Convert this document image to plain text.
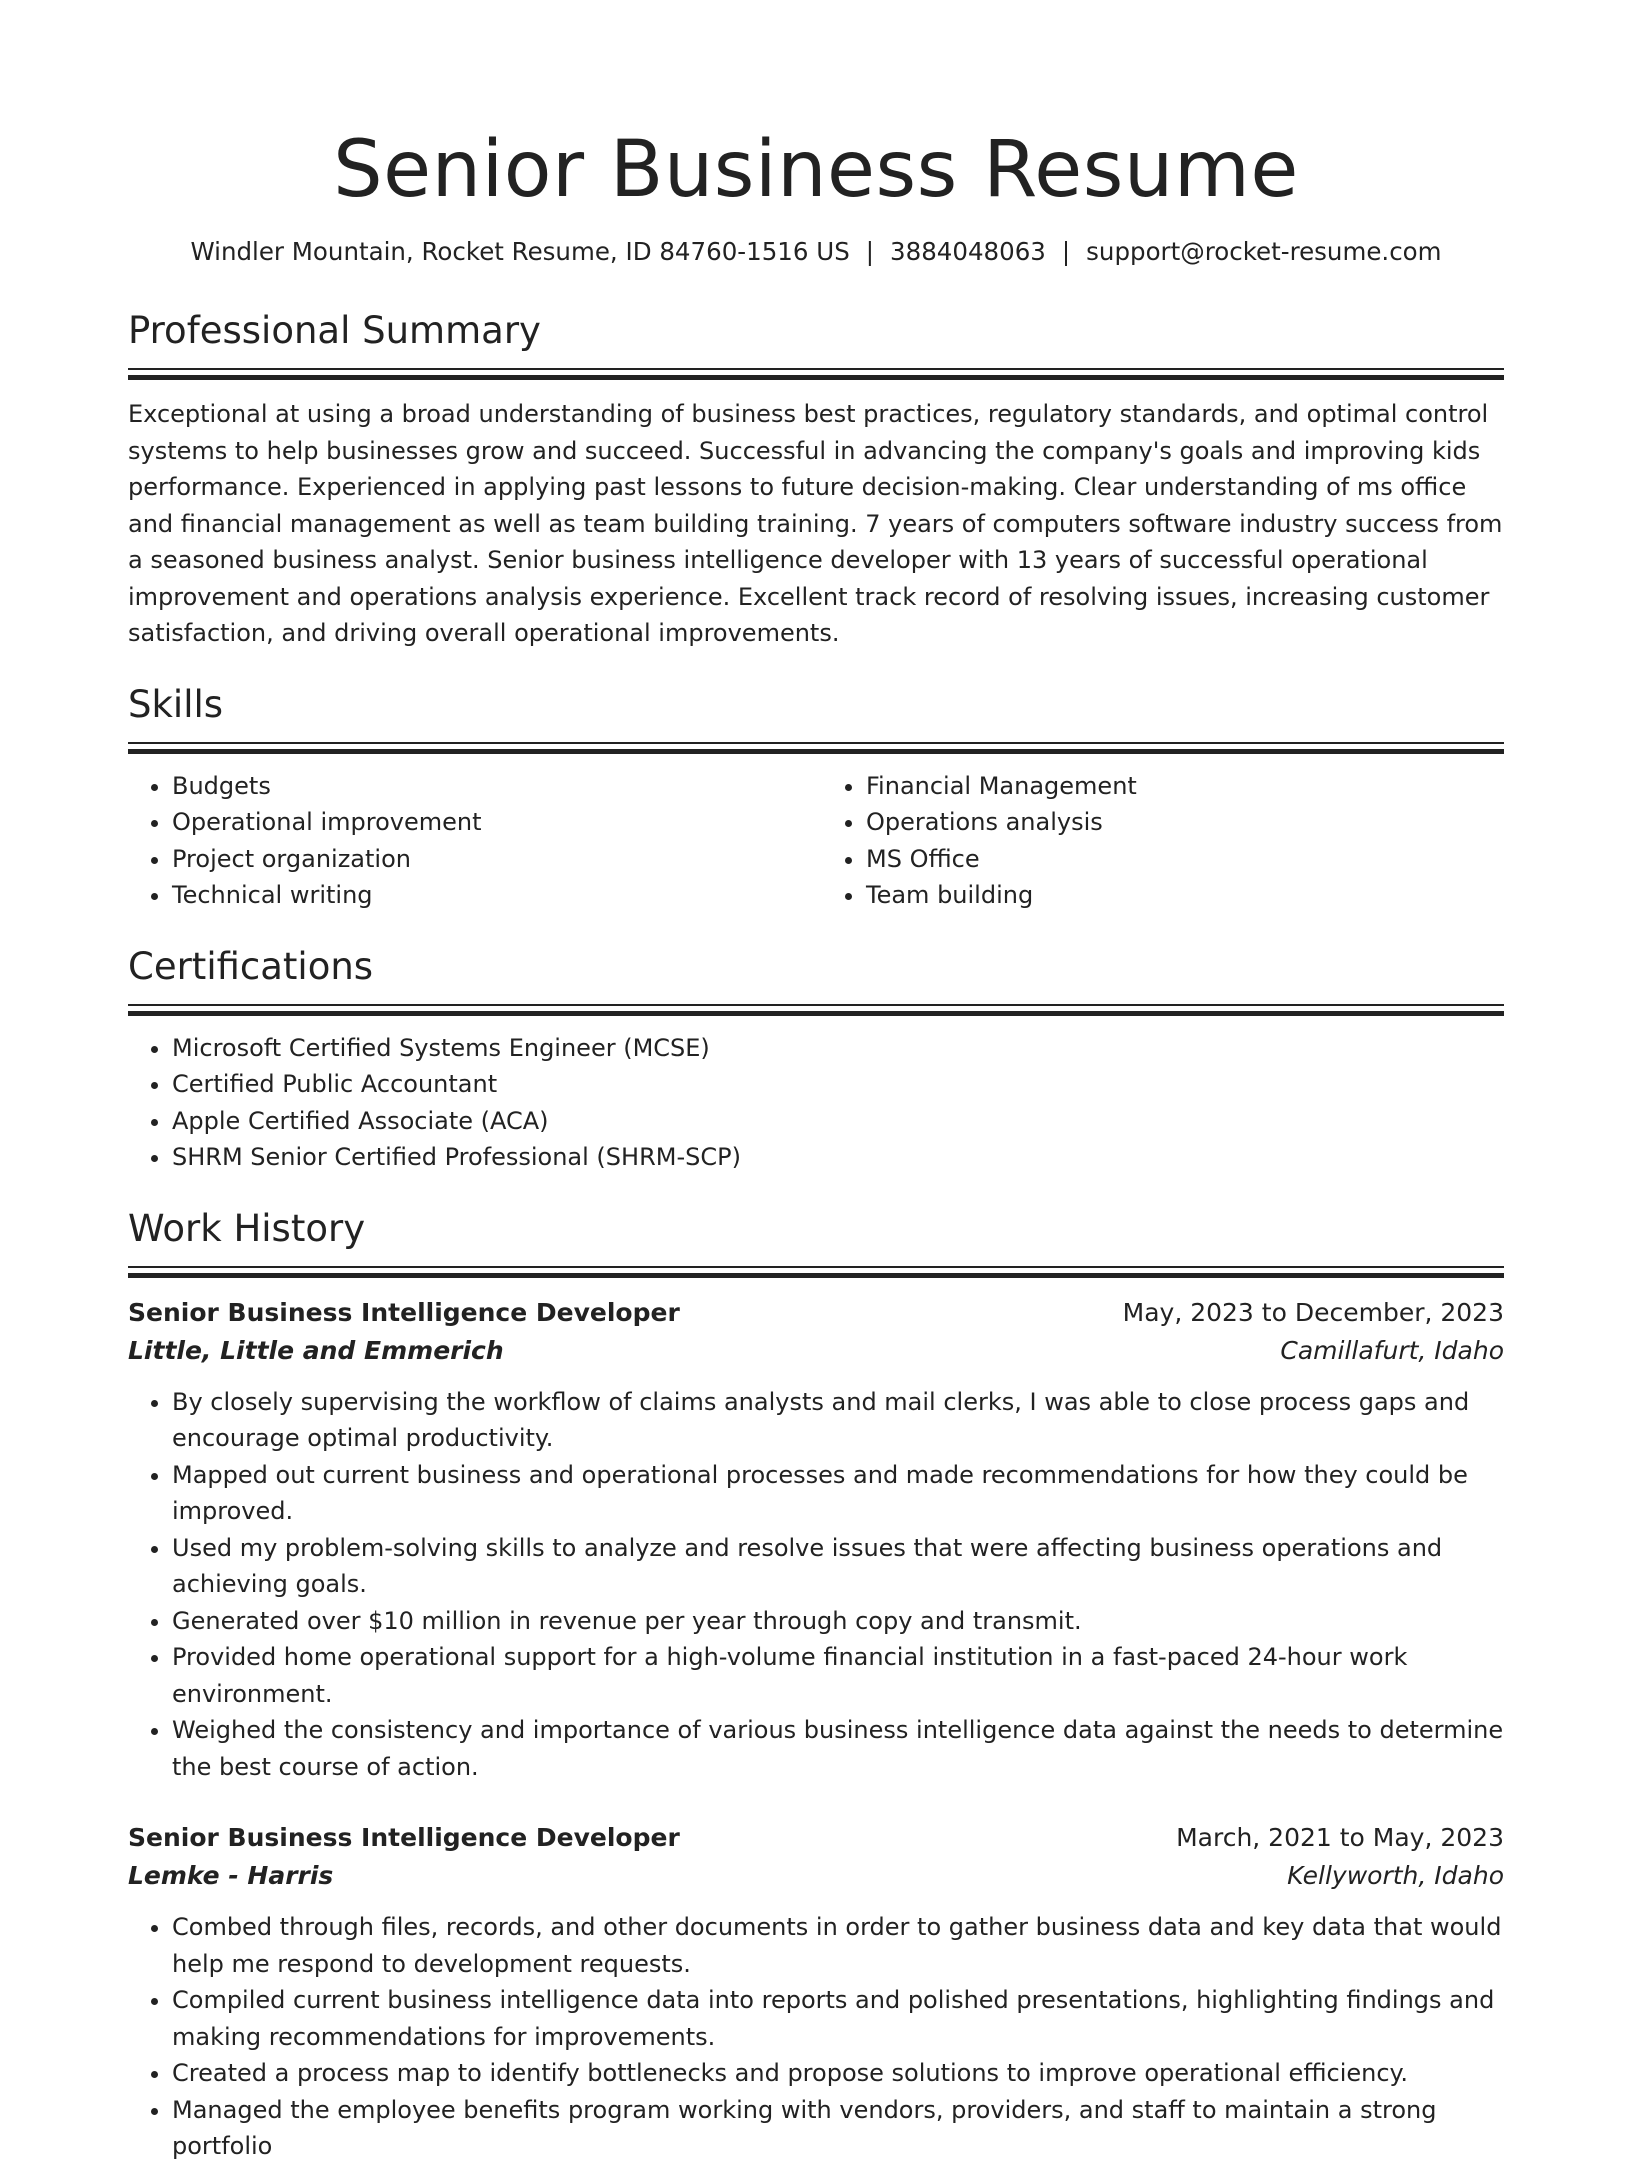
Senior Business Resume
Windler Mountain, Rocket Resume, ID 84760-1516 US | 3884048063 | support@rocket-resume.com
Professional Summary

Exceptional at using a broad understanding of business best practices, regulatory standards, and optimal control systems to help businesses grow and succeed. Successful in advancing the company's goals and improving kids performance. Experienced in applying past lessons to future decision-making. Clear understanding of ms office and financial management as well as team building training. 7 years of computers software industry success from a seasoned business analyst. Senior business intelligence developer with 13 years of successful operational improvement and operations analysis experience. Excellent track record of resolving issues, increasing customer satisfaction, and driving overall operational improvements.

Skills
• Budgets
• Operational improvement
• Project organization
• Technical writing
• Financial Management
• Operations analysis
• MS Office
• Team building
Certifications
• Microsoft Certified Systems Engineer (MCSE)
• Certified Public Accountant
• Apple Certified Associate (ACA)
• SHRM Senior Certified Professional (SHRM-SCP)
Work History
Senior Business Intelligence Developer	May, 2023 to December, 2023
Little, Little and Emmerich	Camillafurt, Idaho
• By closely supervising the workflow of claims analysts and mail clerks, I was able to close process gaps and encourage optimal productivity.
• Mapped out current business and operational processes and made recommendations for how they could be improved.
• Used my problem-solving skills to analyze and resolve issues that were affecting business operations and achieving goals.
• Generated over $10 million in revenue per year through copy and transmit.
• Provided home operational support for a high-volume financial institution in a fast-paced 24-hour work environment.
• Weighed the consistency and importance of various business intelligence data against the needs to determine the best course of action.
Senior Business Intelligence Developer	March, 2021 to May, 2023
Lemke - Harris	Kellyworth, Idaho
• Combed through files, records, and other documents in order to gather business data and key data that would help me respond to development requests.
• Compiled current business intelligence data into reports and polished presentations, highlighting findings and making recommendations for improvements.
• Created a process map to identify bottlenecks and propose solutions to improve operational efficiency.
• Managed the employee benefits program working with vendors, providers, and staff to maintain a strong portfolio
